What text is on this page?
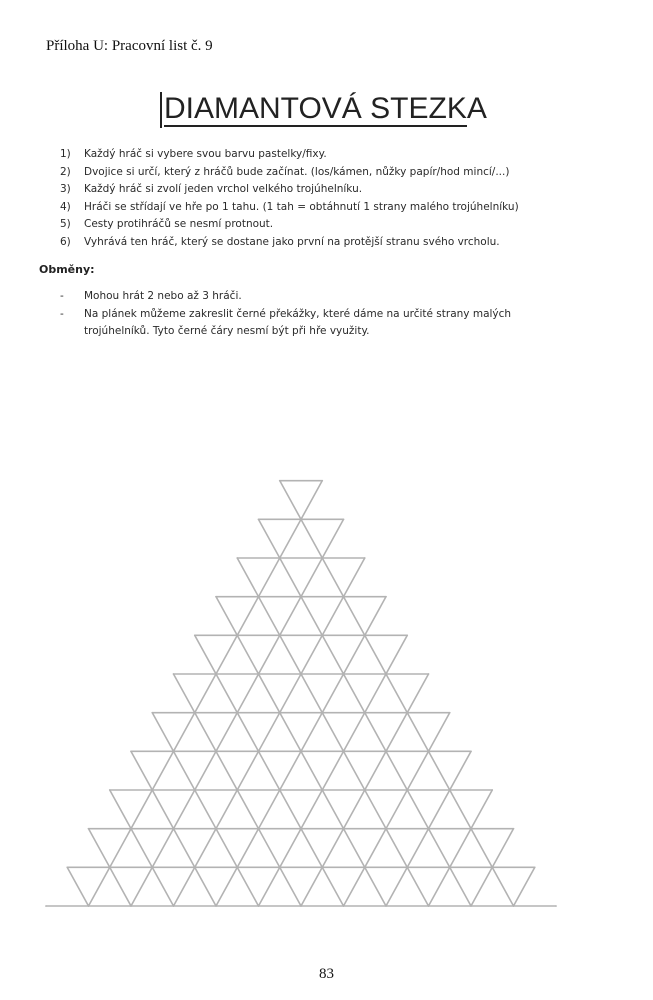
Příloha U: Pracovní list č. 9
DIAMANTOVÁ STEZKA
1) Každý hráč si vybere svou barvu pastelky/fixy.
2) Dvojice si určí, který z hráčů bude začínat. (los/kámen, nůžky papír/hod mincí/...)
3) Každý hráč si zvolí jeden vrchol velkého trojúhelníku.
4) Hráči se střídají ve hře po 1 tahu. (1 tah = obtáhnutí 1 strany malého trojúhelníku)
5) Cesty protihráčů se nesmí protnout.
6) Vyhrává ten hráč, který se dostane jako první na protější stranu svého vrcholu.
Obměny:
- Mohou hrát 2 nebo až 3 hráči.
- Na plánek můžeme zakreslit černé překážky, které dáme na určité strany malých trojúhelníků. Tyto černé čáry nesmí být při hře využity.
83
